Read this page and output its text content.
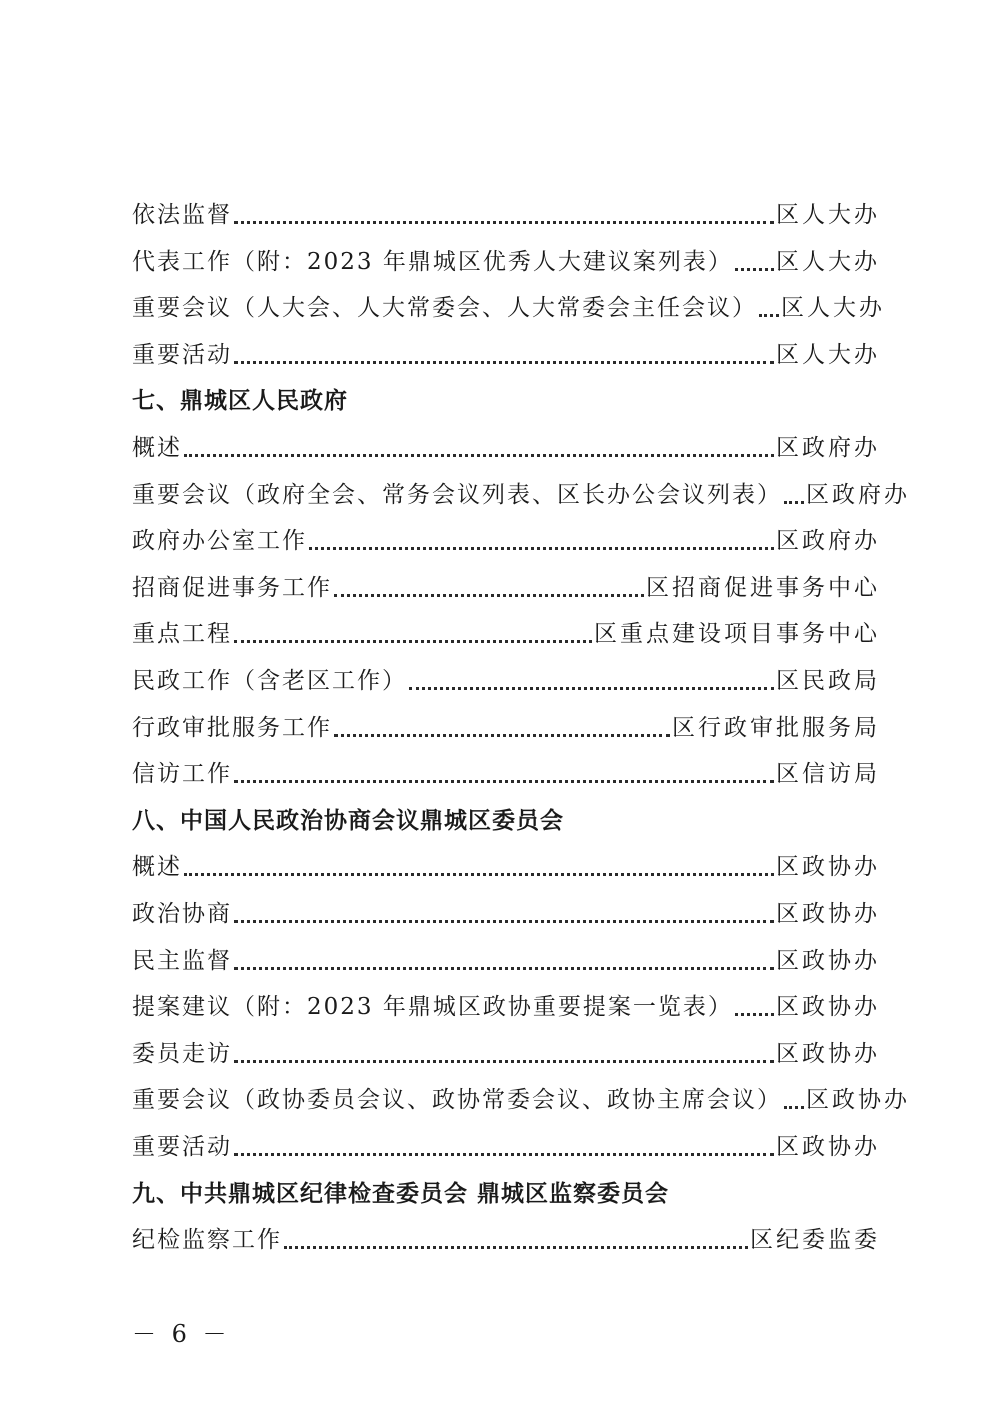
依法监督	区人大办
代表工作（附：2023 年鼎城区优秀人大建议案列表） 区人大办
重要会议（人大会、人大常委会、人大常委会主任会议） 区人大办
重要活动	区人大办
七、鼎城区人民政府
概述	区政府办
重要会议（政府全会、常务会议列表、区长办公会议列表） 区政府办
政府办公室工作	区政府办
招商促进事务工作	区招商促进事务中心
重点工程	区重点建设项目事务中心
民政工作（含老区工作）	区民政局
行政审批服务工作	区行政审批服务局
信访工作	区信访局
八、中国人民政治协商会议鼎城区委员会
概述	区政协办
政治协商	区政协办
民主监督	区政协办
提案建议（附：2023 年鼎城区政协重要提案一览表） 区政协办
委员走访	区政协办
重要会议（政协委员会议、政协常委会议、政协主席会议） 区政协办
重要活动	区政协办
九、中共鼎城区纪律检查委员会 鼎城区监察委员会
纪检监察工作	区纪委监委
－ 6 －
